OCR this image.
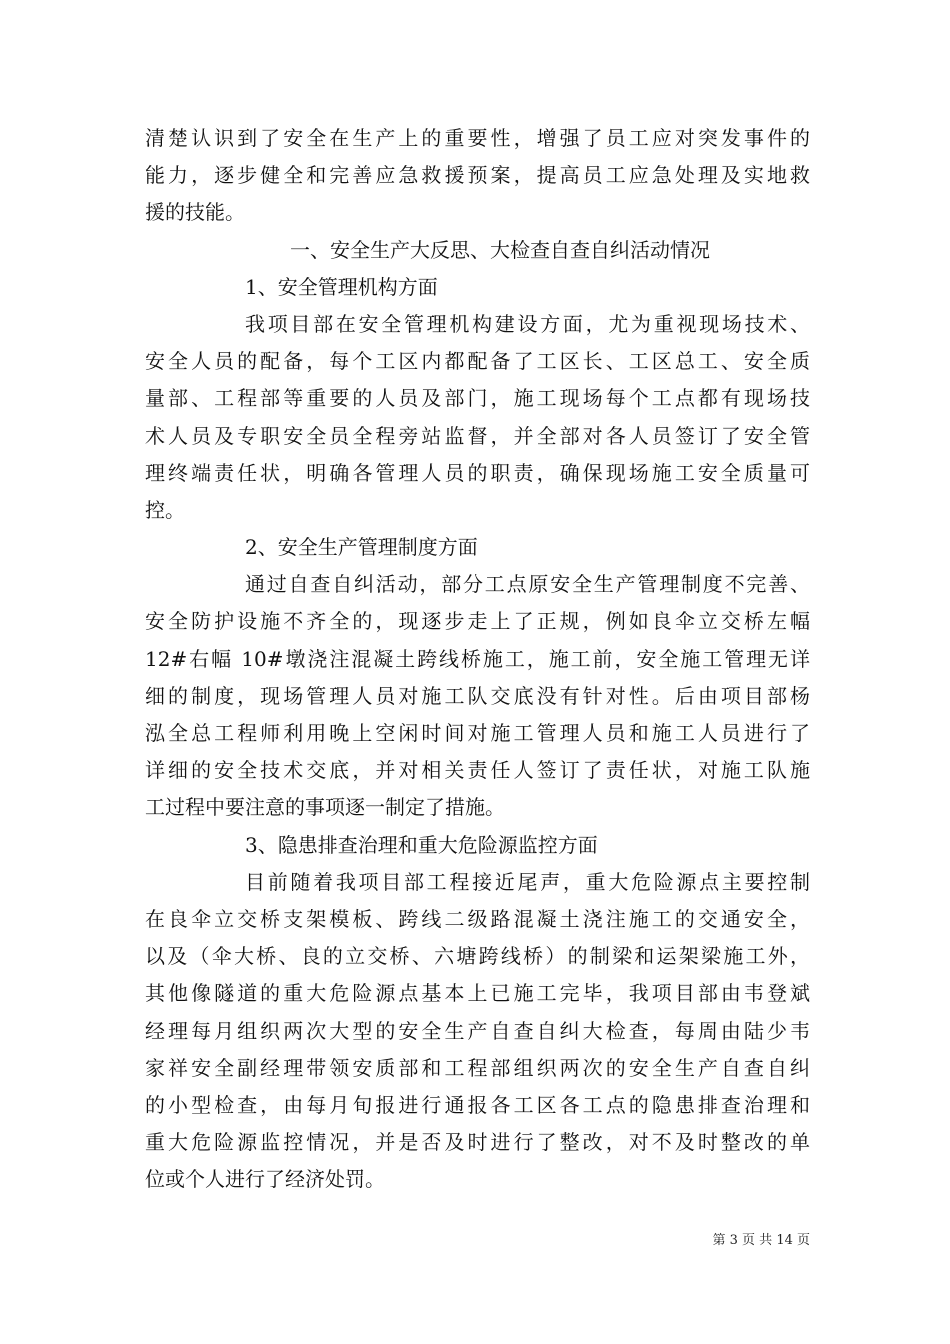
清楚认识到了安全在生产上的重要性，增强了员工应对突发事件的
能力，逐步健全和完善应急救援预案，提高员工应急处理及实地救
援的技能。
一、安全生产大反思、大检查自查自纠活动情况
1、安全管理机构方面
我项目部在安全管理机构建设方面，尤为重视现场技术、
安全人员的配备，每个工区内都配备了工区长、工区总工、安全质
量部、工程部等重要的人员及部门，施工现场每个工点都有现场技
术人员及专职安全员全程旁站监督，并全部对各人员签订了安全管
理终端责任状，明确各管理人员的职责，确保现场施工安全质量可
控。
2、安全生产管理制度方面
通过自查自纠活动，部分工点原安全生产管理制度不完善、
安全防护设施不齐全的，现逐步走上了正规，例如良伞立交桥左幅
12#右幅 10#墩浇注混凝土跨线桥施工，施工前，安全施工管理无详
细的制度，现场管理人员对施工队交底没有针对性。后由项目部杨
泓全总工程师利用晚上空闲时间对施工管理人员和施工人员进行了
详细的安全技术交底，并对相关责任人签订了责任状，对施工队施
工过程中要注意的事项逐一制定了措施。
3、隐患排查治理和重大危险源监控方面
目前随着我项目部工程接近尾声，重大危险源点主要控制
在良伞立交桥支架模板、跨线二级路混凝土浇注施工的交通安全，
以及（伞大桥、良的立交桥、六塘跨线桥）的制梁和运架梁施工外，
其他像隧道的重大危险源点基本上已施工完毕，我项目部由韦登斌
经理每月组织两次大型的安全生产自查自纠大检查，每周由陆少韦
家祥安全副经理带领安质部和工程部组织两次的安全生产自查自纠
的小型检查，由每月旬报进行通报各工区各工点的隐患排查治理和
重大危险源监控情况，并是否及时进行了整改，对不及时整改的单
位或个人进行了经济处罚。
第 3 页 共 14 页
